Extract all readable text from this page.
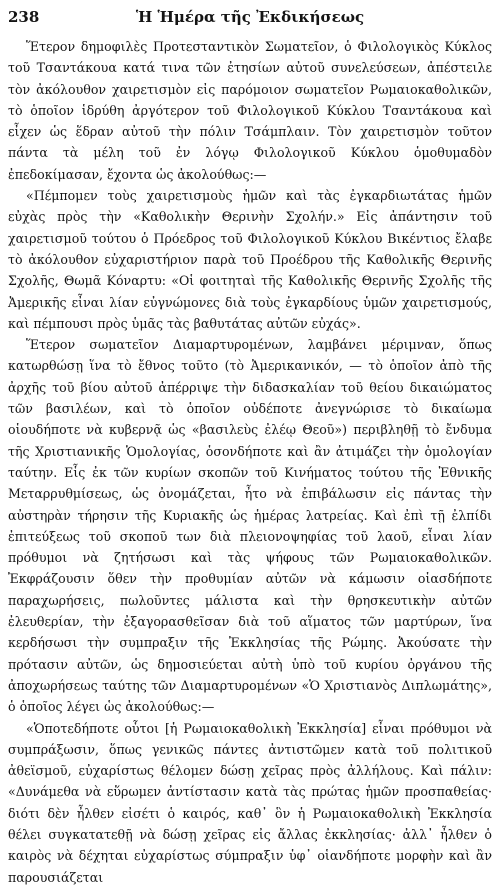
238	Ἡ Ἡμέρα τῆς Ἐκδικήσεως

Ἕτερον δημοφιλὲς Προτεσταντικὸν Σωματεῖον, ὁ Φιλολογικὸς Κύκλος τοῦ Τσαντάκουα κατά τινα τῶν ἐτησίων αὐτοῦ συνελεύσεων, ἀπέστειλε τὸν ἀκόλουθον χαιρετισμὸν εἰς παρόμοιον σωματεῖον Ρωμαιοκαθολικῶν, τὸ ὁποῖον ἱδρύθη ἀργότερον τοῦ Φιλολογικοῦ Κύκλου Τσαντάκουα καὶ εἶχεν ὡς ἕδραν αὐτοῦ τὴν πόλιν Τσάμπλαιν. Τὸν χαιρετισμὸν τοῦτον πάντα τὰ μέλη τοῦ ἐν λόγῳ Φιλολογικοῦ Κύκλου ὁμοθυμαδὸν ἐπεδοκίμασαν, ἔχοντα ὡς ἀκολούθως:—

«Πέμπομεν τοὺς χαιρετισμοὺς ἡμῶν καὶ τὰς ἐγκαρδιωτάτας ἡμῶν εὐχὰς πρὸς τὴν «Καθολικὴν Θερινὴν Σχολήν.» Εἰς ἀπάντησιν τοῦ χαιρετισμοῦ τούτου ὁ Πρόεδρος τοῦ Φιλολογικοῦ Κύκλου Βικέντιος ἔλαβε τὸ ἀκόλουθον εὐχαριστήριον παρὰ τοῦ Προέδρου τῆς Καθολικῆς Θερινῆς Σχολῆς, Θωμᾶ Κόναρτυ: «Οἱ φοιτηταὶ τῆς Καθολικῆς Θερινῆς Σχολῆς τῆς Ἀμερικῆς εἶναι λίαν εὐγνώμονες διὰ τοὺς ἐγκαρδίους ὑμῶν χαιρετισμούς, καὶ πέμπουσι πρὸς ὑμᾶς τὰς βαθυτάτας αὐτῶν εὐχάς».

Ἕτερον σωματεῖον Διαμαρτυρομένων, λαμβάνει μέριμναν, ὅπως κατωρθώσῃ ἵνα τὸ ἔθνος τοῦτο (τὸ Ἀμερικανικόν, — τὸ ὁποῖον ἀπὸ τῆς ἀρχῆς τοῦ βίου αὐτοῦ ἀπέρριψε τὴν διδασκαλίαν τοῦ θείου δικαιώματος τῶν βασιλέων, καὶ τὸ ὁποῖον οὐδέποτε ἀνεγνώρισε τὸ δικαίωμα οἱουδήποτε νὰ κυβερνᾷ ὡς «βασιλεὺς ἐλέῳ Θεοῦ») περιβληθῇ τὸ ἔνδυμα τῆς Χριστιανικῆς Ὁμολογίας, ὁσονδήποτε καὶ ἂν ἀτιμάζει τὴν ὁμολογίαν ταύτην. Εἷς ἐκ τῶν κυρίων σκοπῶν τοῦ Κινήματος τούτου τῆς Ἐθνικῆς Μεταρρυθμίσεως, ὡς ὀνομάζεται, ἦτο νὰ ἐπιβάλωσιν εἰς πάντας τὴν αὐστηρὰν τήρησιν τῆς Κυριακῆς ὡς ἡμέρας λατρείας. Καὶ ἐπὶ τῇ ἐλπίδι ἐπιτεύξεως τοῦ σκοποῦ των διὰ πλειονοψηφίας τοῦ λαοῦ, εἶναι λίαν πρόθυμοι νὰ ζητήσωσι καὶ τὰς ψήφους τῶν Ρωμαιοκαθολικῶν. Ἐκφράζουσιν ὅθεν τὴν προθυμίαν αὐτῶν νὰ κάμωσιν οἱασδήποτε παραχωρήσεις, πωλοῦντες μάλιστα καὶ τὴν θρησκευτικὴν αὐτῶν ἐλευθερίαν, τὴν ἐξαγορασθεῖσαν διὰ τοῦ αἵματος τῶν μαρτύρων, ἵνα κερδήσωσι τὴν συμπραξιν τῆς Ἐκκλησίας τῆς Ρώμης. Ἀκούσατε τὴν πρότασιν αὐτῶν, ὡς δημοσιεύεται αὐτὴ ὑπὸ τοῦ κυρίου ὀργάνου τῆς ἀποχωρήσεως ταύτης τῶν Διαμαρτυρομένων «Ὁ Χριστιανὸς Διπλωμάτης», ὁ ὁποῖος λέγει ὡς ἀκολούθως:—

«Ὁποτεδήποτε οὗτοι [ἡ Ρωμαιοκαθολικὴ Ἐκκλησία] εἶναι πρόθυμοι νὰ συμπράξωσιν, ὅπως γενικῶς πάντες ἀντιστῶμεν κατὰ τοῦ πολιτικοῦ ἀθεϊσμοῦ, εὐχαρίστως θέλομεν δώσῃ χεῖρας πρὸς ἀλλήλους. Καὶ πάλιν: «Δυνάμεθα νὰ εὕρωμεν ἀντίστασιν κατὰ τὰς πρώτας ἡμῶν προσπαθείας· διότι δὲν ἦλθεν εἰσέτι ὁ καιρός, καθ᾿ ὃν ἡ Ρωμαιοκαθολικὴ Ἐκκλησία θέλει συγκατατεθῇ νὰ δώσῃ χεῖρας εἰς ἄλλας ἐκκλησίας· ἀλλ᾿ ἦλθεν ὁ καιρὸς νὰ δέχηται εὐχαρίστως σύμπραξιν ὑφ᾿ οἱανδήποτε μορφὴν καὶ ἂν παρουσιάζεται
